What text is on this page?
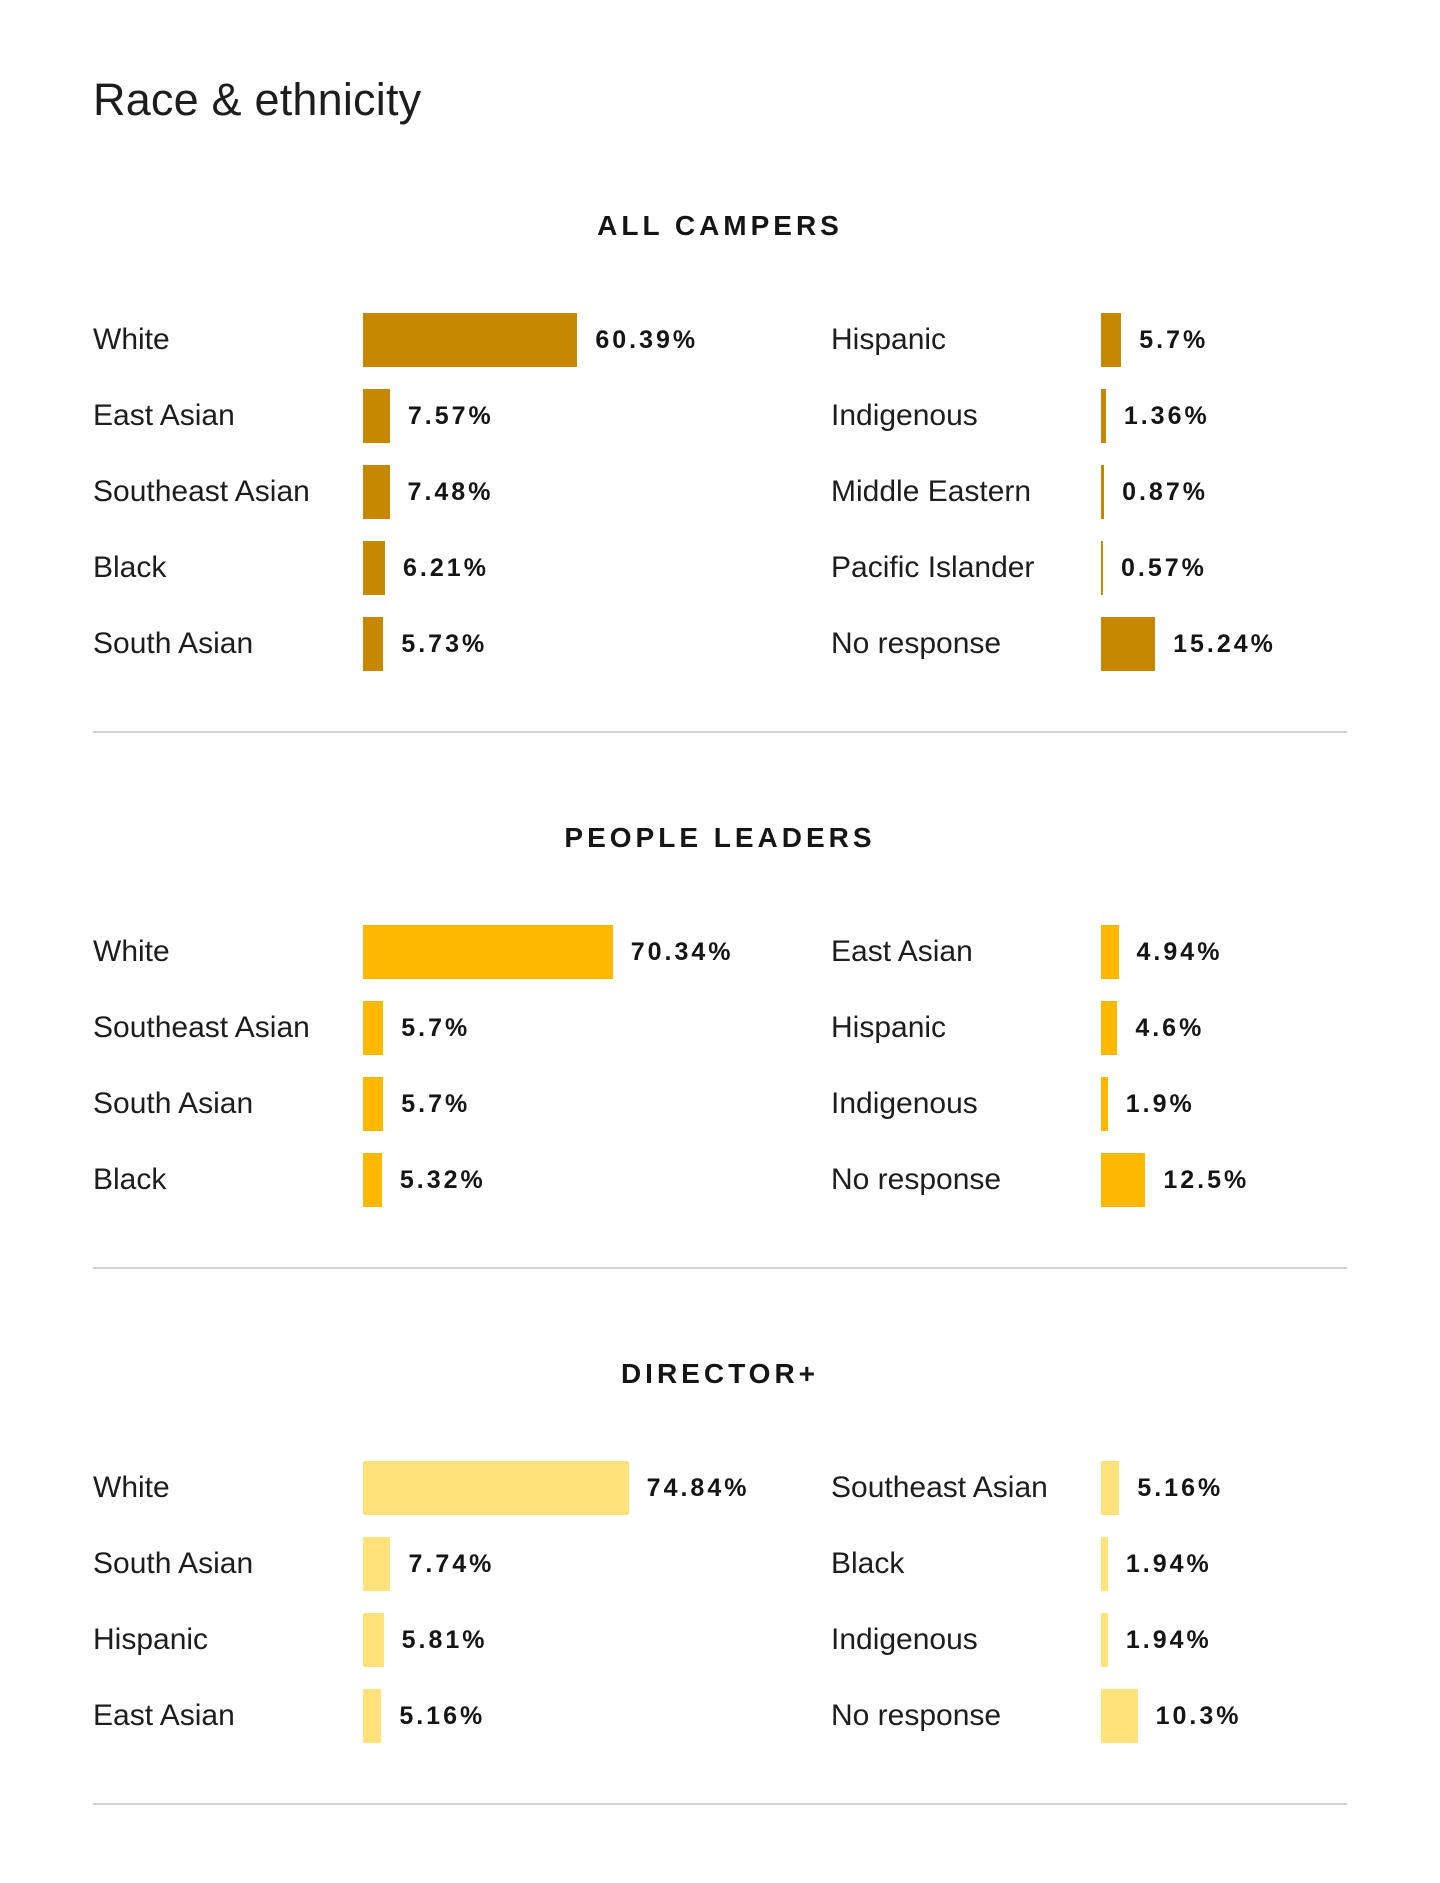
Race & ethnicity
ALL CAMPERS
White	60.39%
East Asian	7.57%
Southeast Asian	7.48%
Black	6.21%
South Asian	5.73%
Hispanic	5.7%
Indigenous	1.36%
Middle Eastern	0.87%
Pacific Islander	0.57%
No response	15.24%
PEOPLE LEADERS
White	70.34%
Southeast Asian	5.7%
South Asian	5.7%
Black	5.32%
East Asian	4.94%
Hispanic	4.6%
Indigenous	1.9%
No response	12.5%
DIRECTOR+
White	74.84%
South Asian	7.74%
Hispanic	5.81%
East Asian	5.16%
Southeast Asian	5.16%
Black	1.94%
Indigenous	1.94%
No response	10.3%
